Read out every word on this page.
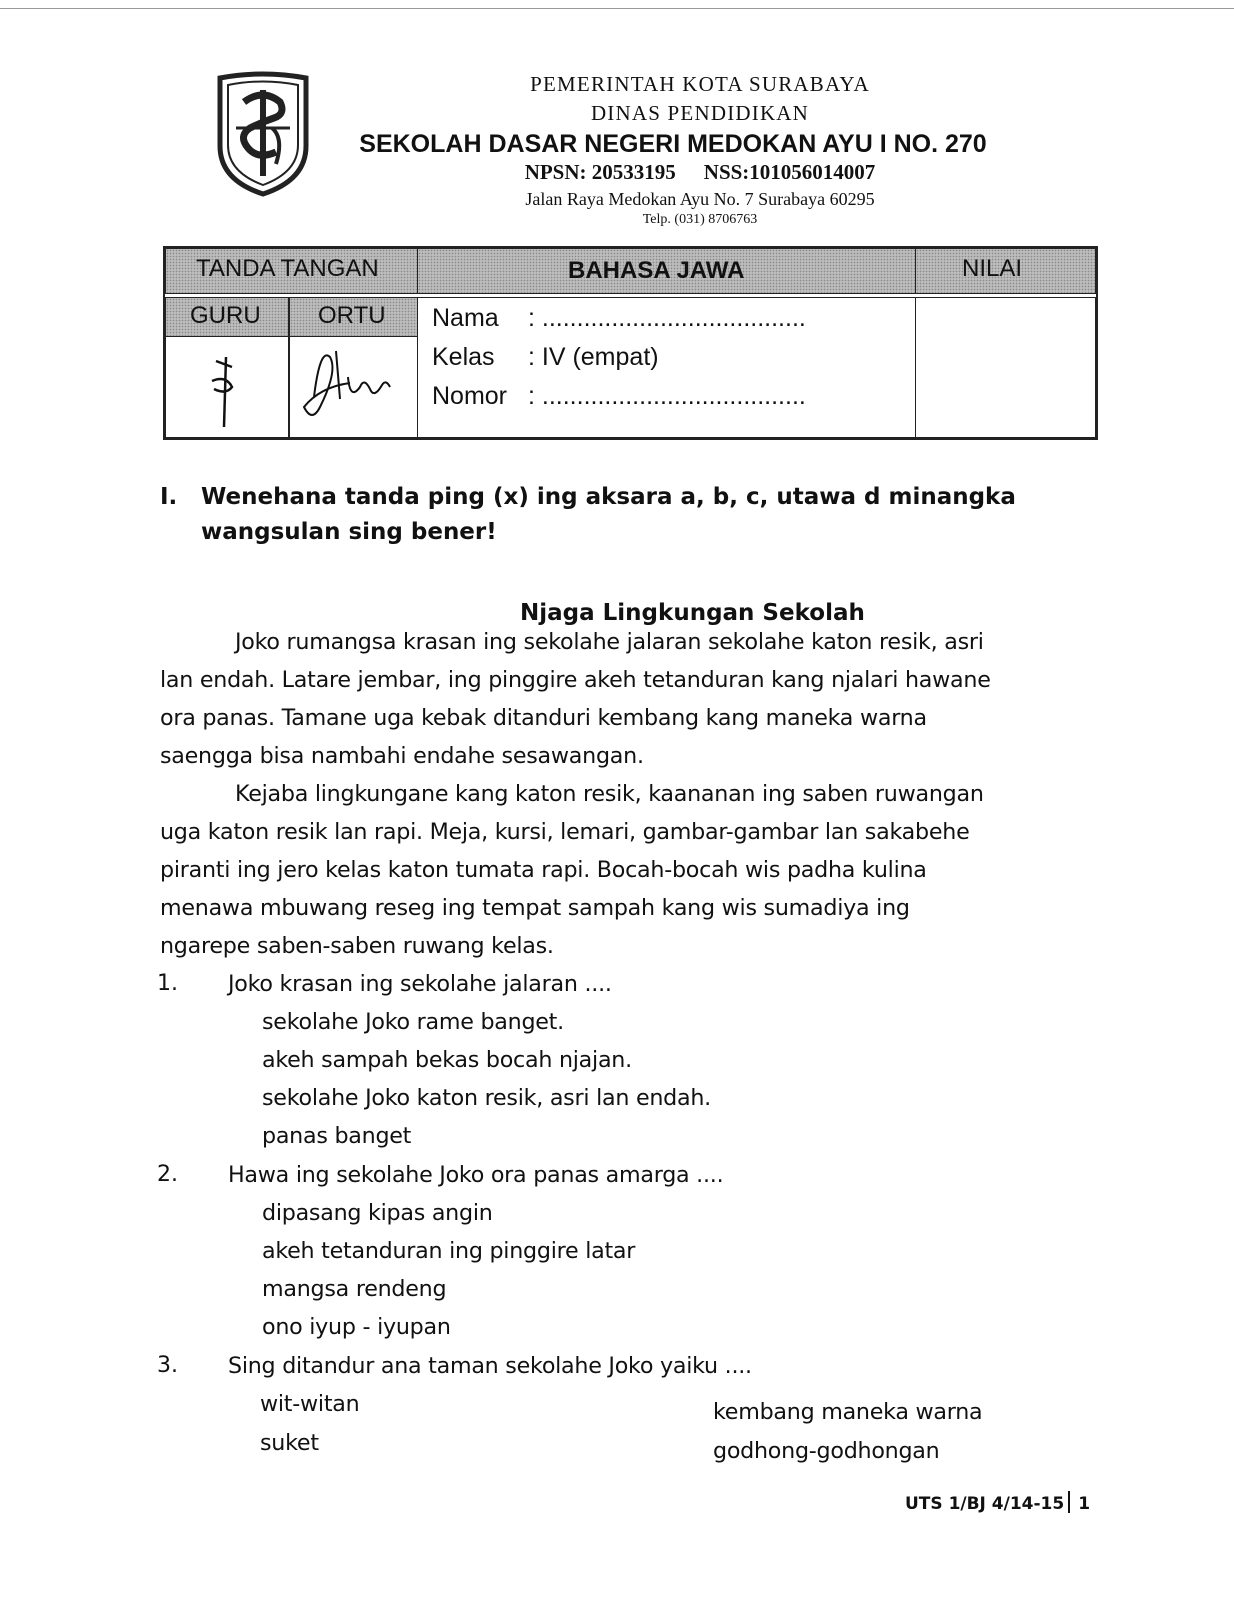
PEMERINTAH KOTA SURABAYA
DINAS PENDIDIKAN
SEKOLAH DASAR NEGERI MEDOKAN AYU I NO. 270
NPSN: 20533195 NSS:101056014007
Jalan Raya Medokan Ayu No. 7 Surabaya 60295
Telp. (031) 8706763
TANDA TANGAN	BAHASA JAWA	NILAI
GURU ORTU Nama : ......................................
Kelas : IV (empat)
Nomor : ......................................
I. Wenehana tanda ping (x) ing aksara a, b, c, utawa d minangka
wangsulan sing bener!
Njaga Lingkungan Sekolah
Joko rumangsa krasan ing sekolahe jalaran sekolahe katon resik, asri
lan endah. Latare jembar, ing pinggire akeh tetanduran kang njalari hawane
ora panas. Tamane uga kebak ditanduri kembang kang maneka warna
saengga bisa nambahi endahe sesawangan.
Kejaba lingkungane kang katon resik, kaananan ing saben ruwangan
uga katon resik lan rapi. Meja, kursi, lemari, gambar-gambar lan sakabehe
piranti ing jero kelas katon tumata rapi. Bocah-bocah wis padha kulina
menawa mbuwang reseg ing tempat sampah kang wis sumadiya ing
ngarepe saben-saben ruwang kelas.
1. Joko krasan ing sekolahe jalaran ....
sekolahe Joko rame banget.
akeh sampah bekas bocah njajan.
sekolahe Joko katon resik, asri lan endah.
panas banget
2. Hawa ing sekolahe Joko ora panas amarga ....
dipasang kipas angin
akeh tetanduran ing pinggire latar
mangsa rendeng
ono iyup - iyupan
3. Sing ditandur ana taman sekolahe Joko yaiku ....
wit-witan
suket
kembang maneka warna
godhong-godhongan
UTS 1/BJ 4/14-15 1
